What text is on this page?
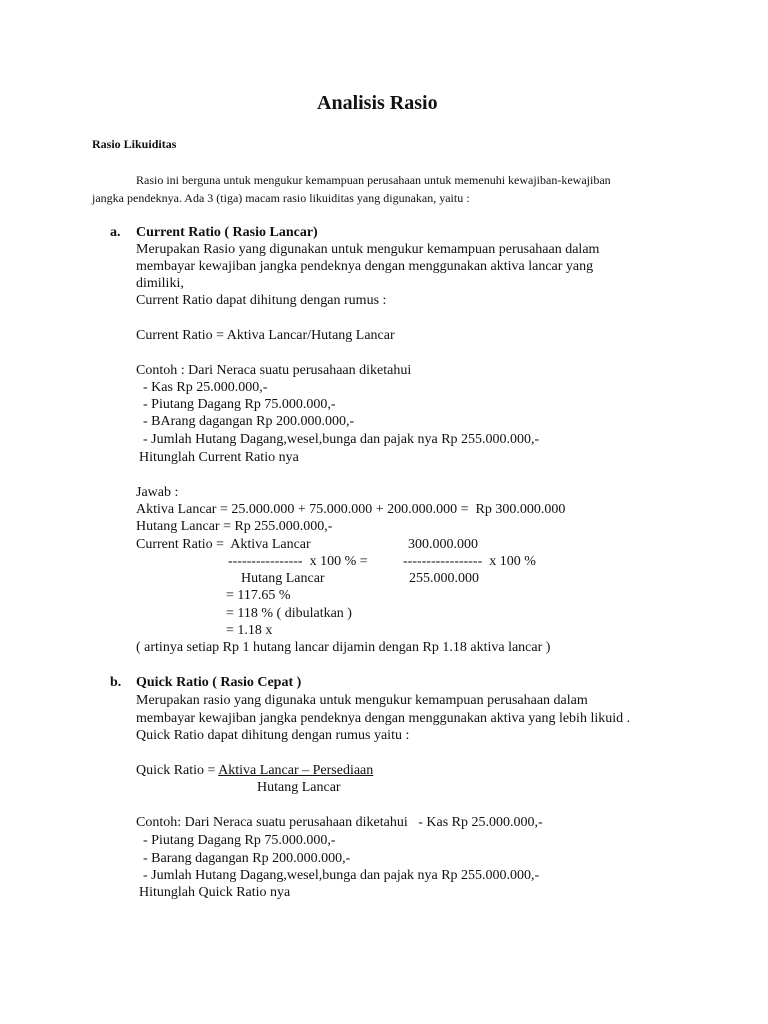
Analisis Rasio
Rasio Likuiditas
Rasio ini berguna untuk mengukur kemampuan perusahaan untuk memenuhi kewajiban-kewajiban
jangka pendeknya. Ada 3 (tiga) macam rasio likuiditas yang digunakan, yaitu :
a. Current Ratio ( Rasio Lancar)
Merupakan Rasio yang digunakan untuk mengukur kemampuan perusahaan dalam
membayar kewajiban jangka pendeknya dengan menggunakan aktiva lancar yang
dimiliki,
Current Ratio dapat dihitung dengan rumus :
Current Ratio = Aktiva Lancar/Hutang Lancar
Contoh : Dari Neraca suatu perusahaan diketahui
- Kas Rp 25.000.000,-
- Piutang Dagang Rp 75.000.000,-
- BArang dagangan Rp 200.000.000,-
- Jumlah Hutang Dagang,wesel,bunga dan pajak nya Rp 255.000.000,-
Hitunglah Current Ratio nya
Jawab :
Aktiva Lancar = 25.000.000 + 75.000.000 + 200.000.000 =  Rp 300.000.000
Hutang Lancar = Rp 255.000.000,-
Current Ratio =  Aktiva Lancar	300.000.000
----------------  x 100 % =	-----------------  x 100 %
Hutang Lancar	255.000.000
= 117.65 %
= 118 % ( dibulatkan )
= 1.18 x
( artinya setiap Rp 1 hutang lancar dijamin dengan Rp 1.18 aktiva lancar )
b. Quick Ratio ( Rasio Cepat )
Merupakan rasio yang digunaka untuk mengukur kemampuan perusahaan dalam
membayar kewajiban jangka pendeknya dengan menggunakan aktiva yang lebih likuid .
Quick Ratio dapat dihitung dengan rumus yaitu :
Quick Ratio = Aktiva Lancar – Persediaan
Hutang Lancar
Contoh: Dari Neraca suatu perusahaan diketahui   - Kas Rp 25.000.000,-
- Piutang Dagang Rp 75.000.000,-
- Barang dagangan Rp 200.000.000,-
- Jumlah Hutang Dagang,wesel,bunga dan pajak nya Rp 255.000.000,-
Hitunglah Quick Ratio nya
